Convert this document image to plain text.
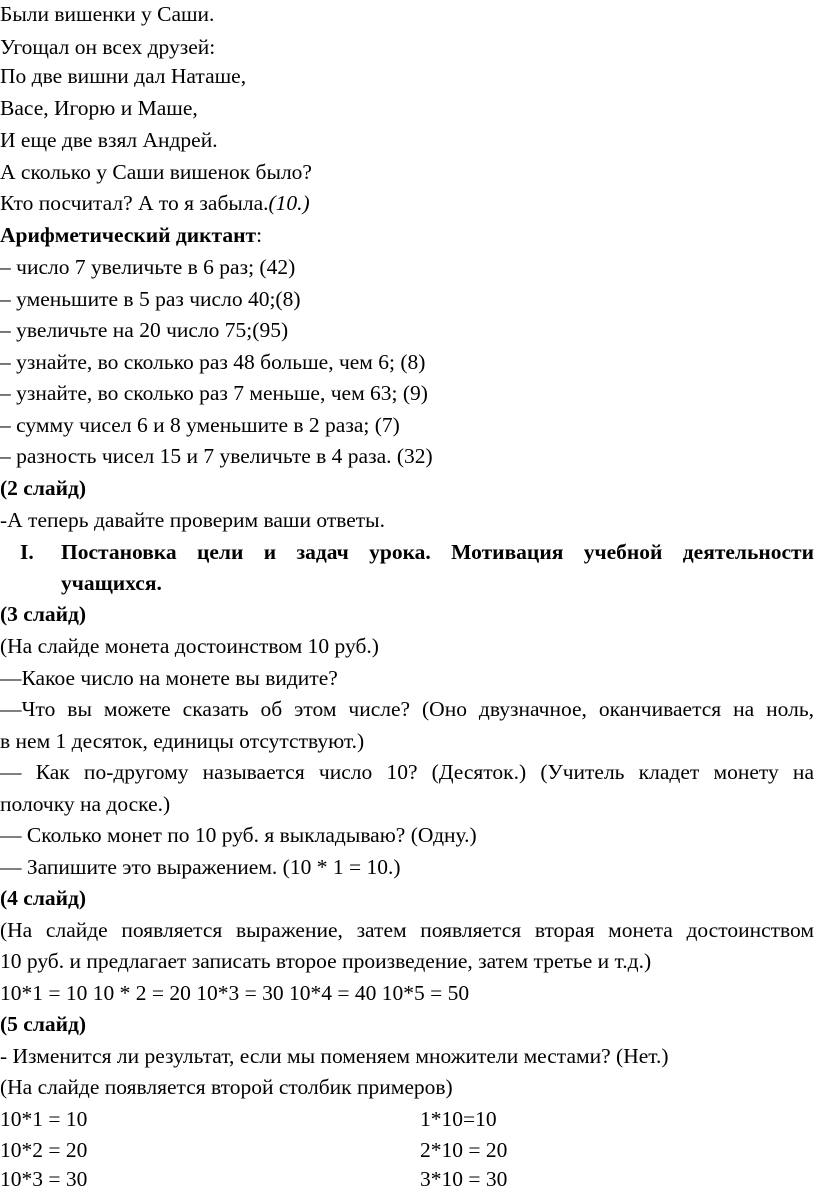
Были вишенки у Саши.
Угощал он всех друзей:
По две вишни дал Наташе,
Васе, Игорю и Маше,
И еще две взял Андрей.
А сколько у Саши вишенок было?
Кто посчитал? А то я забыла.(10.)
Арифметический диктант:
– число 7 увеличьте в 6 раз; (42)
– уменьшите в 5 раз число 40;(8)
– увеличьте на 20 число 75;(95)
– узнайте, во сколько раз 48 больше, чем 6; (8)
– узнайте, во сколько раз 7 меньше, чем 63; (9)
– сумму чисел 6 и 8 уменьшите в 2 раза; (7)
– разность чисел 15 и 7 увеличьте в 4 раза. (32)
(2 слайд)
-А теперь давайте проверим ваши ответы.
I. Постановка цели и задач урока. Мотивация учебной деятельности
учащихся.
(3 слайд)
(На слайде монета достоинством 10 руб.)
—Какое число на монете вы видите?
—Что вы можете сказать об этом числе? (Оно двузначное, оканчивается на ноль,
в нем 1 десяток, единицы отсутствуют.)
— Как по-другому называется число 10? (Десяток.) (Учитель кладет монету на
полочку на доске.)
— Сколько монет по 10 руб. я выкладываю? (Одну.)
— Запишите это выражением. (10 * 1 = 10.)
(4 слайд)
(На слайде появляется выражение, затем появляется вторая монета достоинством
10 руб. и предлагает записать второе произведение, затем третье и т.д.)
10*1 = 10 10 * 2 = 20 10*3 = 30 10*4 = 40 10*5 = 50
(5 слайд)
- Изменится ли результат, если мы поменяем множители местами? (Нет.)
(На слайде появляется второй столбик примеров)
10*1 = 10	1*10=10
10*2 = 20	2*10 = 20
10*3 = 30	3*10 = 30
